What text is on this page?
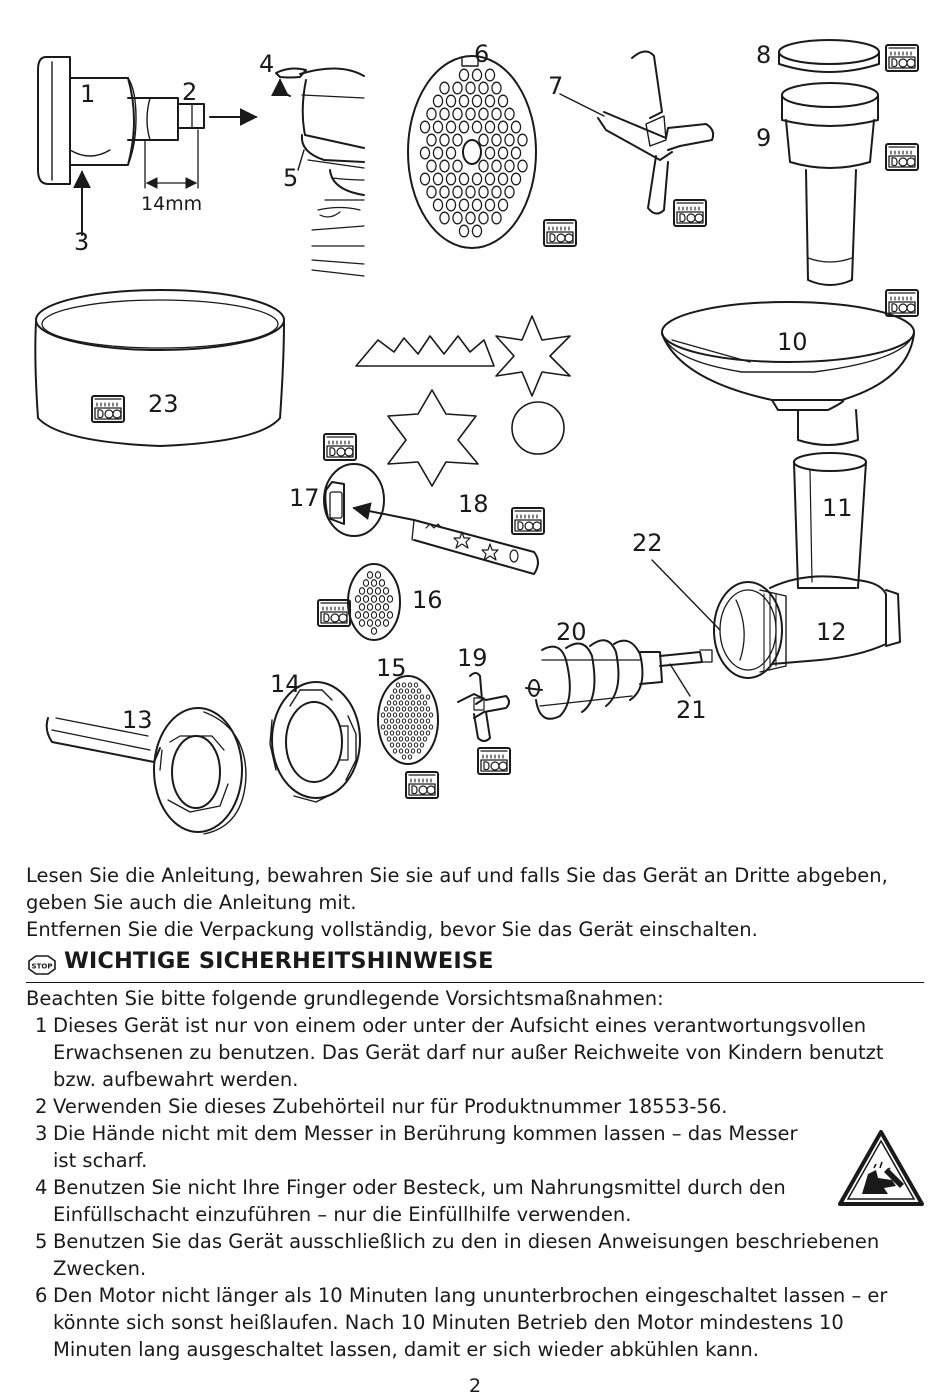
1	2
3
14mm
4
5
6
7
8
9
10
23
11
12
22
17	18
16
20
21
19
15
14
13

Lesen Sie die Anleitung, bewahren Sie sie auf und falls Sie das Gerät an Dritte abgeben, geben Sie auch die Anleitung mit.

Entfernen Sie die Verpackung vollständig, bevor Sie das Gerät einschalten.

STOP WICHTIGE SICHERHEITSHINWEISE
Beachten Sie bitte folgende grundlegende Vorsichtsmaßnahmen:
1 Dieses Gerät ist nur von einem oder unter der Aufsicht eines verantwortungsvollen Erwachsenen zu benutzen. Das Gerät darf nur außer Reichweite von Kindern benutzt bzw. aufbewahrt werden.
2 Verwenden Sie dieses Zubehörteil nur für Produktnummer 18553-56.
3 Die Hände nicht mit dem Messer in Berührung kommen lassen – das Messer ist scharf.
4 Benutzen Sie nicht Ihre Finger oder Besteck, um Nahrungsmittel durch den Einfüllschacht einzuführen – nur die Einfüllhilfe verwenden.
5 Benutzen Sie das Gerät ausschließlich zu den in diesen Anweisungen beschriebenen Zwecken.
6 Den Motor nicht länger als 10 Minuten lang ununterbrochen eingeschaltet lassen – er könnte sich sonst heißlaufen. Nach 10 Minuten Betrieb den Motor mindestens 10 Minuten lang ausgeschaltet lassen, damit er sich wieder abkühlen kann.
2
